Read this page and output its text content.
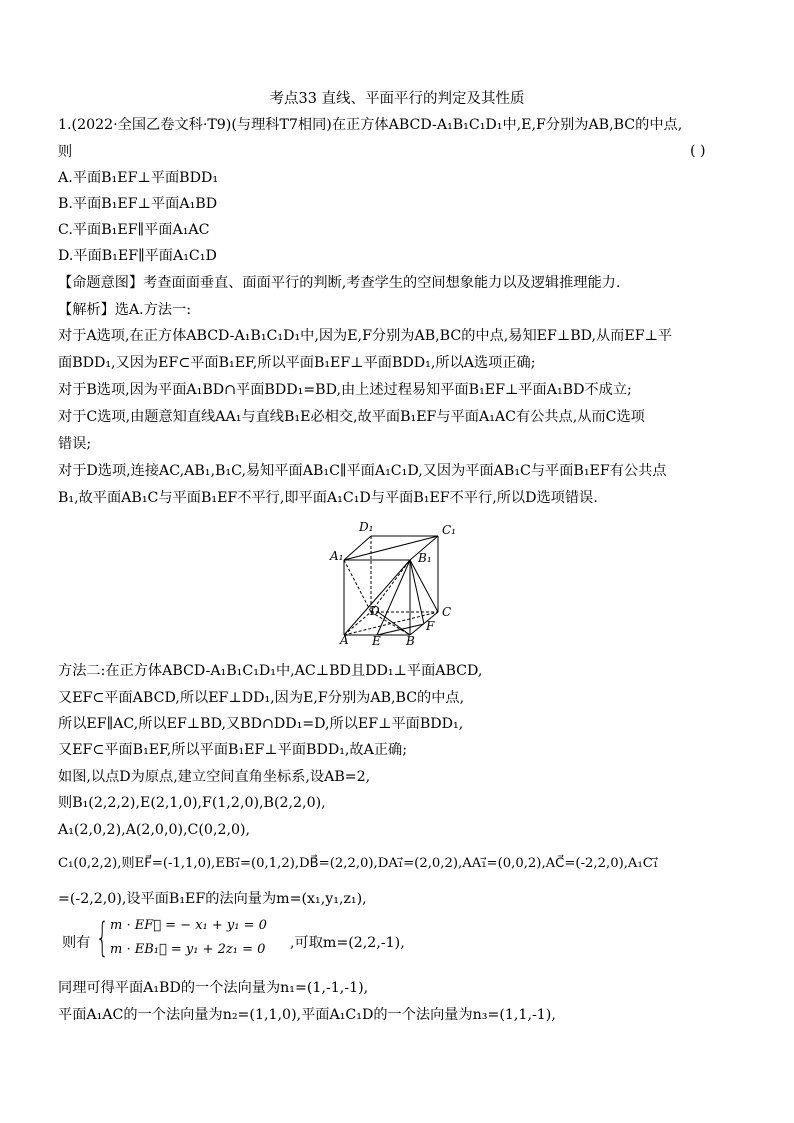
考点33 直线、平面平行的判定及其性质
1.(2022·全国乙卷文科·T9)(与理科T7相同)在正方体ABCD-A₁B₁C₁D₁中,E,F分别为AB,BC的中点,
则	( )
A.平面B₁EF⊥平面BDD₁
B.平面B₁EF⊥平面A₁BD
C.平面B₁EF∥平面A₁AC
D.平面B₁EF∥平面A₁C₁D
【命题意图】考查面面垂直、面面平行的判断,考查学生的空间想象能力以及逻辑推理能力.
【解析】选A.方法一:
对于A选项,在正方体ABCD-A₁B₁C₁D₁中,因为E,F分别为AB,BC的中点,易知EF⊥BD,从而EF⊥平
面BDD₁,又因为EF⊂平面B₁EF,所以平面B₁EF⊥平面BDD₁,所以A选项正确;
对于B选项,因为平面A₁BD∩平面BDD₁=BD,由上述过程易知平面B₁EF⊥平面A₁BD不成立;
对于C选项,由题意知直线AA₁与直线B₁E必相交,故平面B₁EF与平面A₁AC有公共点,从而C选项
错误;
对于D选项,连接AC,AB₁,B₁C,易知平面AB₁C∥平面A₁C₁D,又因为平面AB₁C与平面B₁EF有公共点
B₁,故平面AB₁C与平面B₁EF不平行,即平面A₁C₁D与平面B₁EF不平行,所以D选项错误.
D₁	C₁
A₁	B₁
D	C
F
A E B
方法二:在正方体ABCD-A₁B₁C₁D₁中,AC⊥BD且DD₁⊥平面ABCD,
又EF⊂平面ABCD,所以EF⊥DD₁,因为E,F分别为AB,BC的中点,
所以EF∥AC,所以EF⊥BD,又BD∩DD₁=D,所以EF⊥平面BDD₁,
又EF⊂平面B₁EF,所以平面B₁EF⊥平面BDD₁,故A正确;
如图,以点D为原点,建立空间直角坐标系,设AB=2,
则B₁(2,2,2),E(2,1,0),F(1,2,0),B(2,2,0),
A₁(2,0,2),A(2,0,0),C(0,2,0),
C₁(0,2,2),则EF⃗=(-1,1,0),EB₁⃗=(0,1,2),DB⃗=(2,2,0),DA₁⃗=(2,0,2),AA₁⃗=(0,0,2),AC⃗=(-2,2,0),A₁C₁⃗
=(-2,2,0),设平面B₁EF的法向量为m=(x₁,y₁,z₁),
则有 { m · EF⃗ = − x₁ + y₁ = 0
m · EB₁⃗ = y₁ + 2z₁ = 0 ,可取m=(2,2,-1),
同理可得平面A₁BD的一个法向量为n₁=(1,-1,-1),
平面A₁AC的一个法向量为n₂=(1,1,0),平面A₁C₁D的一个法向量为n₃=(1,1,-1),
